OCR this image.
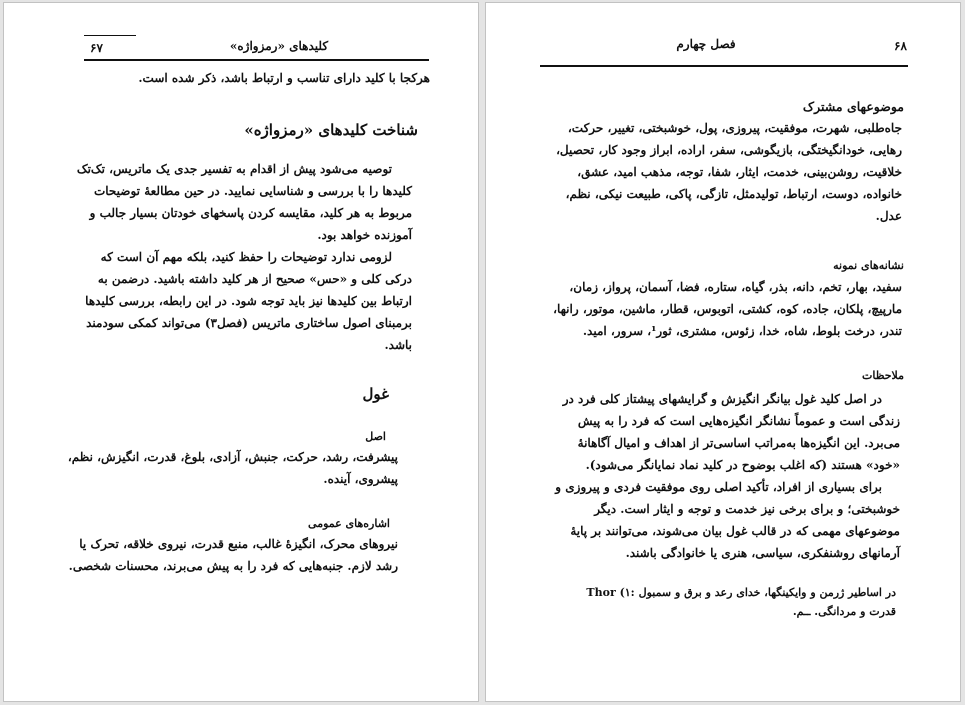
۶۷	کلیدهای «رمزواژه»
هرکجا با کلید دارای تناسب و ارتباط باشد، ذکر شده است.
شناخت کلیدهای «رمزواژه»
توصیه می‌شود پیش از اقدام به تفسیر جدی یک ماتریس، تک‌تک کلیدها را با بررسی و شناسایی نمایید. در حین مطالعهٔ توضیحات مربوط به هر کلید، مقایسه کردن پاسخهای خودتان بسیار جالب و آموزنده خواهد بود.
لزومی ندارد توضیحات را حفظ کنید، بلکه مهم آن است که درکی کلی و «حس» صحیح از هر کلید داشته باشید. درضمن به ارتباط بین کلیدها نیز باید توجه شود. در این رابطه، بررسی کلیدها برمبنای اصول ساختاری ماتریس (فصل۳) می‌تواند کمکی سودمند باشد.
غول
اصل
پیشرفت، رشد، حرکت، جنبش، آزادی، بلوغ، قدرت، انگیزش، نظم، پیشروی، آینده.
اشاره‌های عمومی
نیروهای محرک، انگیزهٔ غالب، منبع قدرت، نیروی خلاقه، تحرک یا رشد لازم. جنبه‌هایی که فرد را به پیش می‌برند، محسنات شخصی.
فصل چهارم	۶۸
موضوعهای مشترک
جاه‌طلبی، شهرت، موفقیت، پیروزی، پول، خوشبختی، تغییر، حرکت، رهایی، خودانگیختگی، بازیگوشی، سفر، اراده، ابراز وجود کار، تحصیل، خلاقیت، روشن‌بینی، خدمت، ایثار، شفا، توجه، مذهب امید، عشق، خانواده، دوست، ارتباط، تولیدمثل، تازگی، پاکی، طبیعت نیکی، نظم، عدل.
نشانه‌های نمونه
سفید، بهار، تخم، دانه، بذر، گیاه، ستاره، فضا، آسمان، پرواز، زمان، مارپیچ، پلکان، جاده، کوه، کشتی، اتوبوس، قطار، ماشین، موتور، رانها، تندر، درخت بلوط، شاه، خدا، زئوس، مشتری، ثور¹، سرور، امید.
ملاحظات
در اصل کلید غول بیانگر انگیزش و گرایشهای پیشتاز کلی فرد در زندگی است و عموماً نشانگر انگیزه‌هایی است که فرد را به پیش می‌برد. این انگیزه‌ها به‌مراتب اساسی‌تر از اهداف و امیال آگاهانهٔ «خود» هستند (که اغلب بوضوح در کلید نماد نمایانگر می‌شود).
برای بسیاری از افراد، تأکید اصلی روی موفقیت فردی و پیروزی و خوشبختی؛ و برای برخی نیز خدمت و توجه و ایثار است. دیگر موضوعهای مهمی که در قالب غول بیان می‌شوند، می‌توانند بر پایهٔ آرمانهای روشنفکری، سیاسی، هنری یا خانوادگی باشند.
Thor (۱: در اساطیر ژرمن و وایکینگها، خدای رعد و برق و سمبول
قدرت و مردانگی. ــم.
